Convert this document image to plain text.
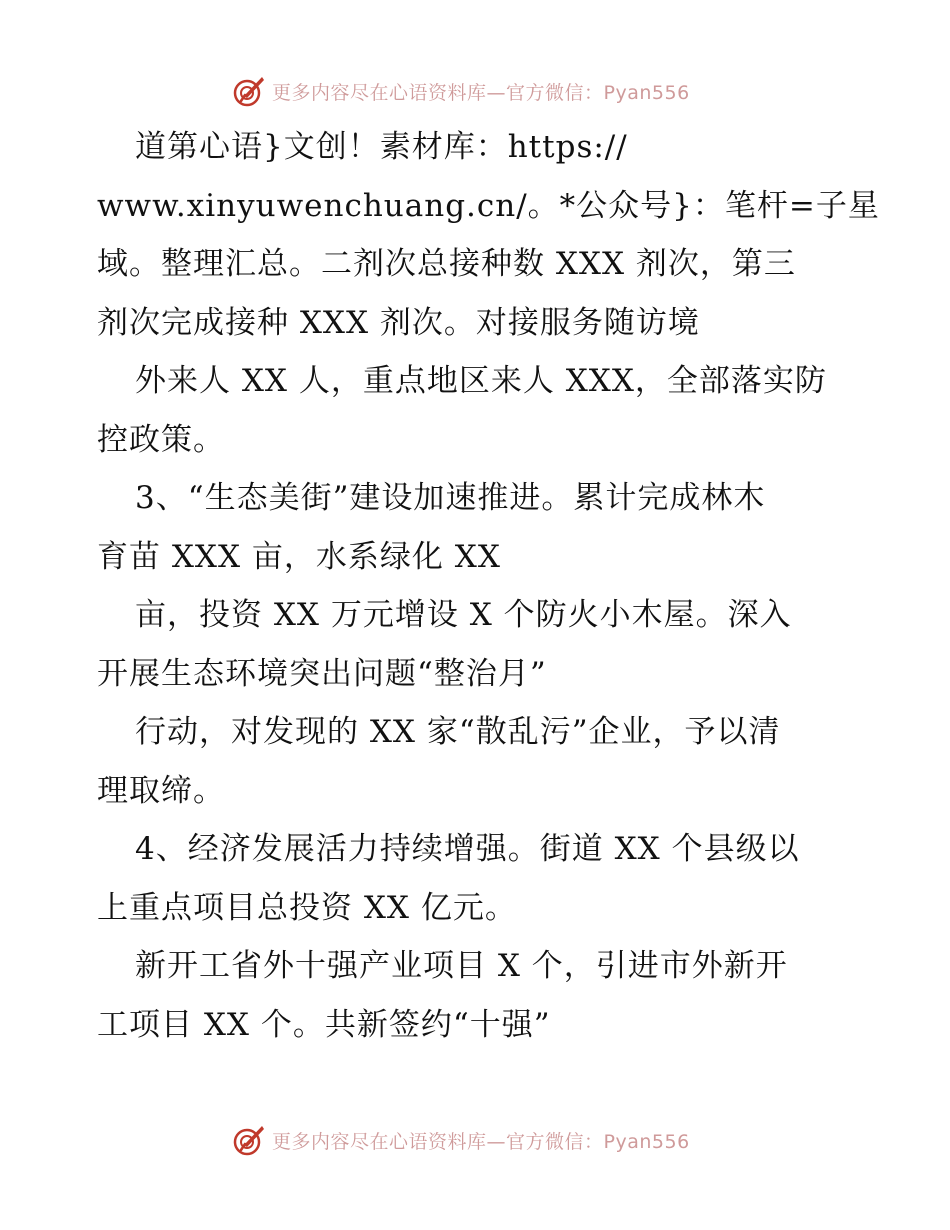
更多内容尽在心语资料库—官方微信：Pyan556
道第心语}文创！素材库：https://
www.xinyuwenchuang.cn/。*公众号}：笔杆=子星
域。整理汇总。二剂次总接种数 XXX 剂次，第三
剂次完成接种 XXX 剂次。对接服务随访境
外来人 XX 人，重点地区来人 XXX，全部落实防
控政策。
3、“生态美街”建设加速推进。累计完成林木
育苗 XXX 亩，水系绿化 XX
亩，投资 XX 万元增设 X 个防火小木屋。深入
开展生态环境突出问题“整治月”
行动，对发现的 XX 家“散乱污”企业，予以清
理取缔。
4、经济发展活力持续增强。街道 XX 个县级以
上重点项目总投资 XX 亿元。
新开工省外十强产业项目 X 个，引进市外新开
工项目 XX 个。共新签约“十强”
更多内容尽在心语资料库—官方微信：Pyan556
